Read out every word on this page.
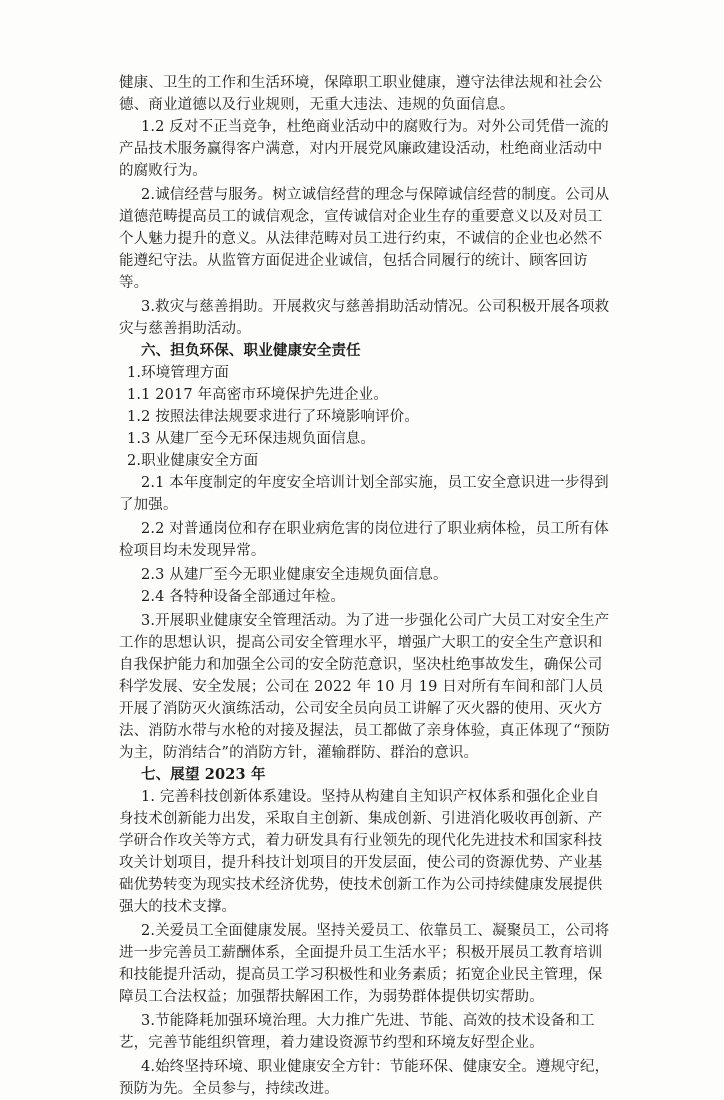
健康、卫生的工作和生活环境，保障职工职业健康，遵守法律法规和社会公德、商业道德以及行业规则，无重大违法、违规的负面信息。

1.2 反对不正当竞争，杜绝商业活动中的腐败行为。对外公司凭借一流的产品技术服务赢得客户满意，对内开展党风廉政建设活动，杜绝商业活动中的腐败行为。

2.诚信经营与服务。树立诚信经营的理念与保障诚信经营的制度。公司从道德范畴提高员工的诚信观念，宣传诚信对企业生存的重要意义以及对员工个人魅力提升的意义。从法律范畴对员工进行约束，不诚信的企业也必然不能遵纪守法。从监管方面促进企业诚信，包括合同履行的统计、顾客回访等。

3.救灾与慈善捐助。开展救灾与慈善捐助活动情况。公司积极开展各项救灾与慈善捐助活动。

六、担负环保、职业健康安全责任

1.环境管理方面

1.1 2017 年高密市环境保护先进企业。

1.2 按照法律法规要求进行了环境影响评价。

1.3 从建厂至今无环保违规负面信息。

2.职业健康安全方面

2.1 本年度制定的年度安全培训计划全部实施，员工安全意识进一步得到了加强。

2.2 对普通岗位和存在职业病危害的岗位进行了职业病体检，员工所有体检项目均未发现异常。

2.3 从建厂至今无职业健康安全违规负面信息。

2.4 各特种设备全部通过年检。

3.开展职业健康安全管理活动。为了进一步强化公司广大员工对安全生产工作的思想认识，提高公司安全管理水平，增强广大职工的安全生产意识和自我保护能力和加强全公司的安全防范意识，坚决杜绝事故发生，确保公司科学发展、安全发展；公司在 2022 年 10 月 19 日对所有车间和部门人员开展了消防灭火演练活动，公司安全员向员工讲解了灭火器的使用、灭火方法、消防水带与水枪的对接及握法，员工都做了亲身体验，真正体现了“预防为主，防消结合”的消防方针，灌输群防、群治的意识。

七、展望 2023 年

1. 完善科技创新体系建设。坚持从构建自主知识产权体系和强化企业自身技术创新能力出发，采取自主创新、集成创新、引进消化吸收再创新、产学研合作攻关等方式，着力研发具有行业领先的现代化先进技术和国家科技攻关计划项目，提升科技计划项目的开发层面，使公司的资源优势、产业基础优势转变为现实技术经济优势，使技术创新工作为公司持续健康发展提供强大的技术支撑。

2.关爱员工全面健康发展。坚持关爱员工、依靠员工、凝聚员工，公司将进一步完善员工薪酬体系，全面提升员工生活水平；积极开展员工教育培训和技能提升活动，提高员工学习积极性和业务素质；拓宽企业民主管理，保障员工合法权益；加强帮扶解困工作，为弱势群体提供切实帮助。

3.节能降耗加强环境治理。大力推广先进、节能、高效的技术设备和工艺，完善节能组织管理，着力建设资源节约型和环境友好型企业。

4.始终坚持环境、职业健康安全方针：节能环保、健康安全。遵规守纪，预防为先。全员参与，持续改进。
